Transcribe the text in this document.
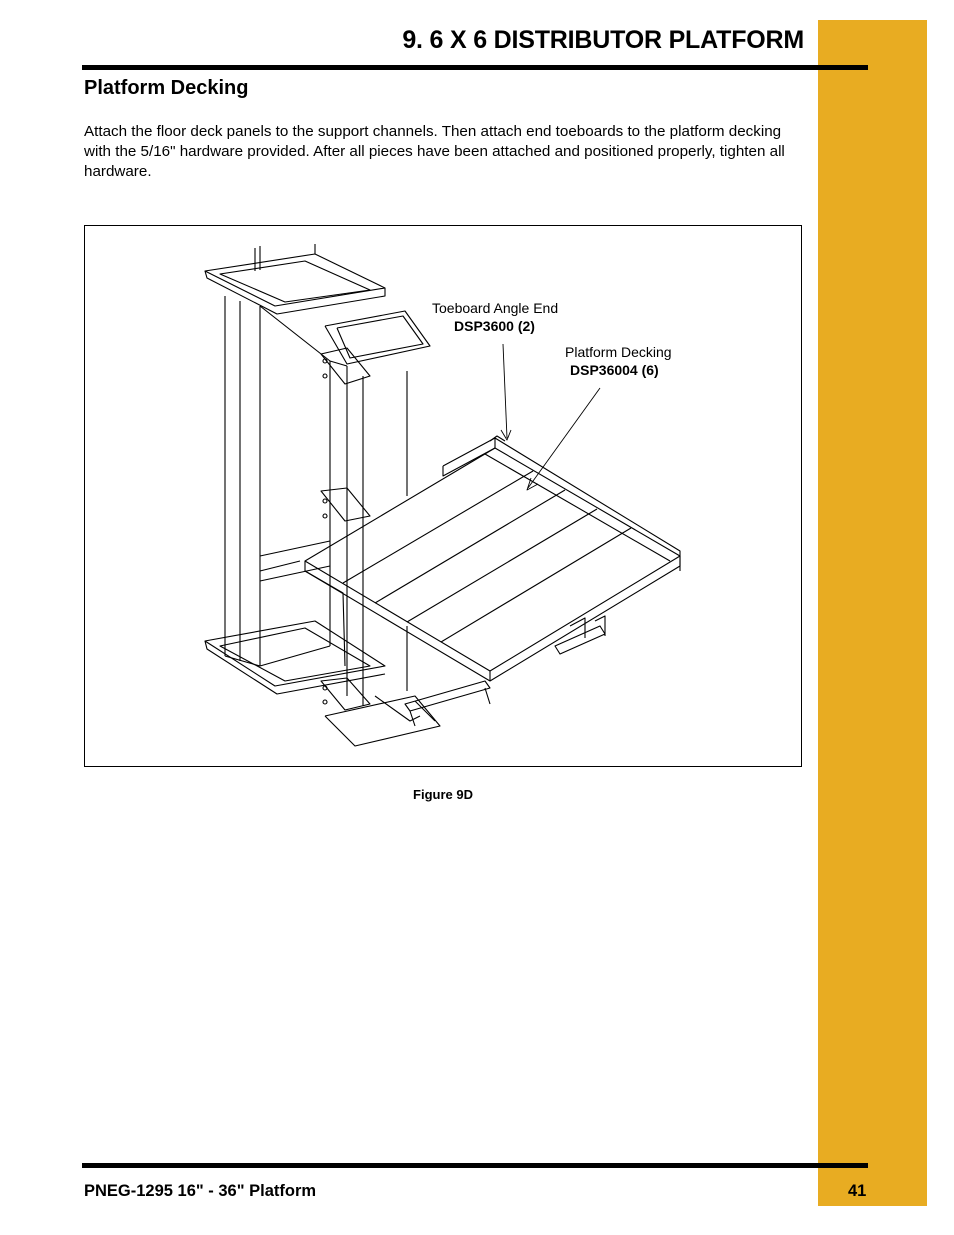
9. 6 X 6 DISTRIBUTOR PLATFORM
Platform Decking
Attach the floor deck panels to the support channels. Then attach end toeboards to the platform decking with the 5/16" hardware provided. After all pieces have been attached and positioned properly, tighten all hardware.
Toeboard Angle End
DSP3600 (2)
Platform Decking
DSP36004 (6)
Figure 9D
PNEG-1295 16" - 36" Platform	41
